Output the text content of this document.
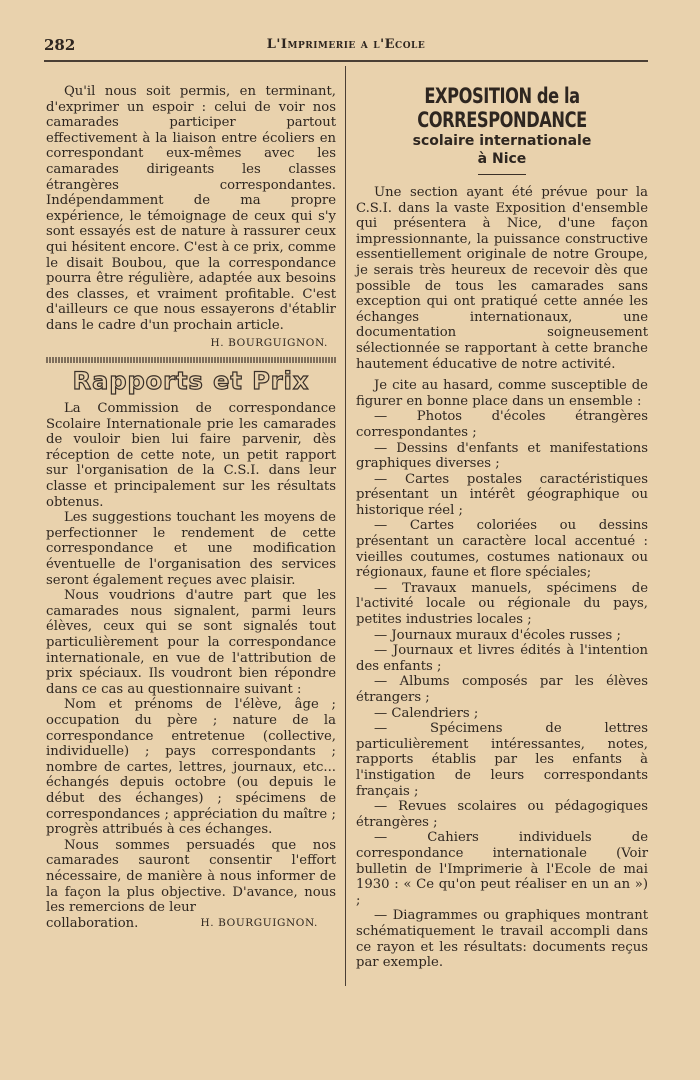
282	L'Imprimerie a l'Ecole

Qu'il nous soit permis, en terminant, d'exprimer un espoir : celui de voir nos camarades participer partout effectivement à la liaison entre écoliers en correspondant eux-mêmes avec les camarades dirigeants les classes étrangères correspondantes. Indépendamment de ma propre expérience, le témoignage de ceux qui s'y sont essayés est de nature à rassurer ceux qui hésitent encore. C'est à ce prix, comme le disait Boubou, que la correspondance pourra être régulière, adaptée aux besoins des classes, et vraiment profitable. C'est d'ailleurs ce que nous essayerons d'établir dans le cadre d'un prochain article.

H. BOURGUIGNON.

Rapports et Prix

La Commission de correspondance Scolaire Internationale prie les camarades de vouloir bien lui faire parvenir, dès réception de cette note, un petit rapport sur l'organisation de la C.S.I. dans leur classe et principalement sur les résultats obtenus.

Les suggestions touchant les moyens de perfectionner le rendement de cette correspondance et une modification éventuelle de l'organisation des services seront également reçues avec plaisir.

Nous voudrions d'autre part que les camarades nous signalent, parmi leurs élèves, ceux qui se sont signalés tout particulièrement pour la correspondance internationale, en vue de l'attribution de prix spéciaux. Ils voudront bien répondre dans ce cas au questionnaire suivant :

Nom et prénoms de l'élève, âge ; occupation du père ; nature de la correspondance entretenue (collective, individuelle) ; pays correspondants ; nombre de cartes, lettres, journaux, etc... échangés depuis octobre (ou depuis le début des échanges) ; spécimens de correspondances ; appréciation du maître ; progrès attribués à ces échanges.

Nous sommes persuadés que nos camarades sauront consentir l'effort nécessaire, de manière à nous informer de la façon la plus objective. D'avance, nous les remercions de leur

collaboration.	H. BOURGUIGNON.
EXPOSITION de la CORRESPONDANCE
scolaire internationale
à Nice

Une section ayant été prévue pour la C.S.I. dans la vaste Exposition d'ensemble qui présentera à Nice, d'une façon impressionnante, la puissance constructive essentiellement originale de notre Groupe, je serais très heureux de recevoir dès que possible de tous les camarades sans exception qui ont pratiqué cette année les échanges internationaux, une documentation soigneusement sélectionnée se rapportant à cette branche hautement éducative de notre activité.

Je cite au hasard, comme susceptible de figurer en bonne place dans un ensemble :

— Photos d'écoles étrangères correspondantes ;

— Dessins d'enfants et manifestations graphiques diverses ;

— Cartes postales caractéristiques présentant un intérêt géographique ou historique réel ;

— Cartes coloriées ou dessins présentant un caractère local accentué : vieilles coutumes, costumes nationaux ou régionaux, faune et flore spéciales;

— Travaux manuels, spécimens de l'activité locale ou régionale du pays, petites industries locales ;

— Journaux muraux d'écoles russes ;

— Journaux et livres édités à l'intention des enfants ;

— Albums composés par les élèves étrangers ;

— Calendriers ;

— Spécimens de lettres particulièrement intéressantes, notes, rapports établis par les enfants à l'instigation de leurs correspondants français ;

— Revues scolaires ou pédagogiques étrangères ;

— Cahiers individuels de correspondance internationale (Voir bulletin de l'Imprimerie à l'Ecole de mai 1930 : « Ce qu'on peut réaliser en un an ») ;

— Diagrammes ou graphiques montrant schématiquement le travail accompli dans ce rayon et les résultats: documents reçus par exemple.
